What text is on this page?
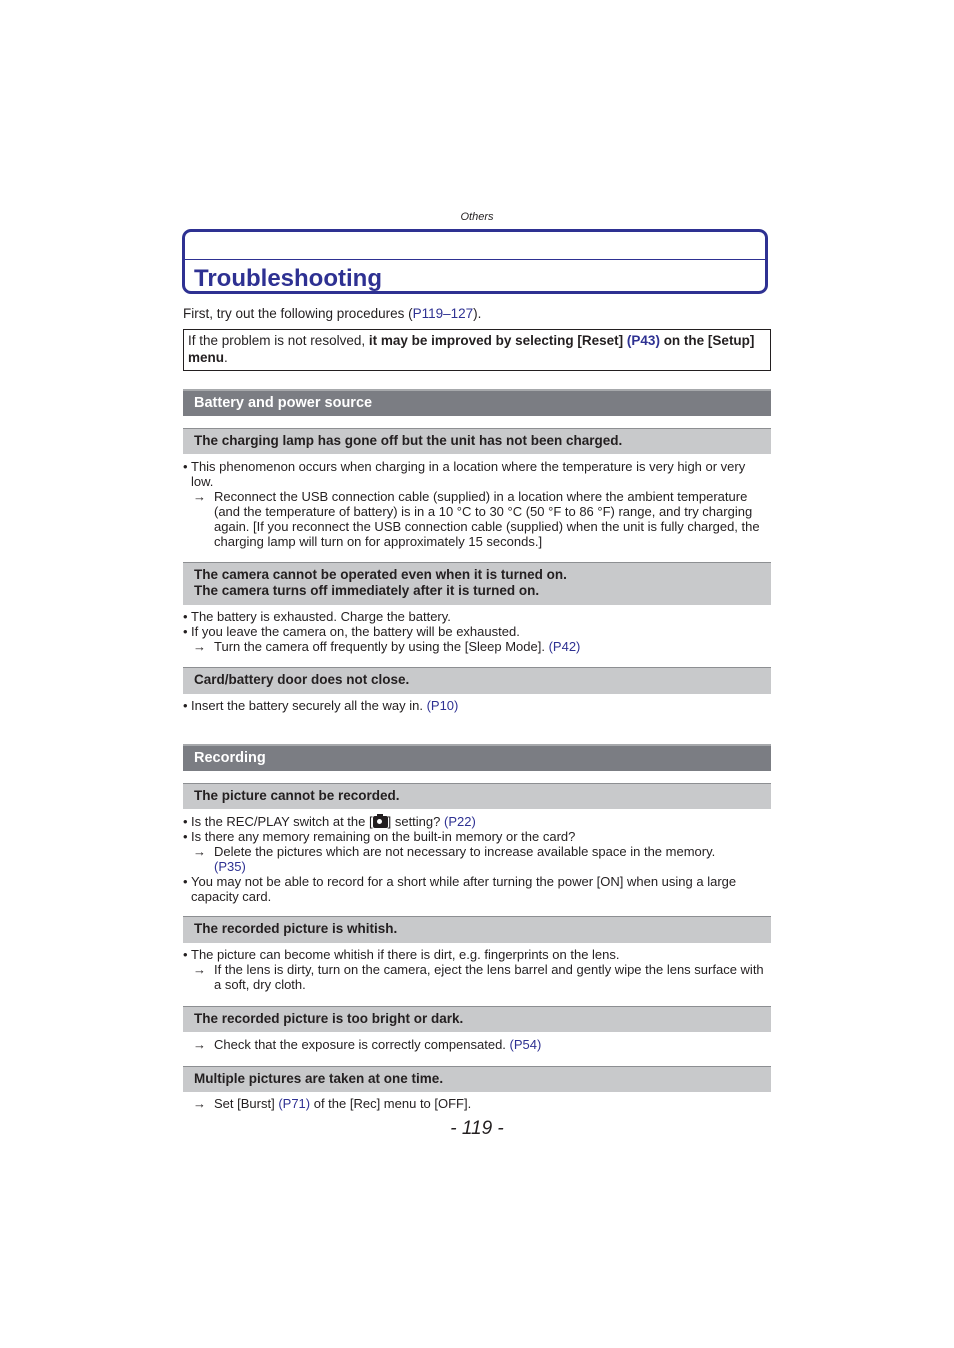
Others
Troubleshooting
First, try out the following procedures (P119–127).
If the problem is not resolved, it may be improved by selecting [Reset] (P43) on the [Setup] menu.
Battery and power source
The charging lamp has gone off but the unit has not been charged.
• This phenomenon occurs when charging in a location where the temperature is very high or very low.
→ Reconnect the USB connection cable (supplied) in a location where the ambient temperature (and the temperature of battery) is in a 10 °C to 30 °C (50 °F to 86 °F) range, and try charging again. [If you reconnect the USB connection cable (supplied) when the unit is fully charged, the charging lamp will turn on for approximately 15 seconds.]
The camera cannot be operated even when it is turned on.
The camera turns off immediately after it is turned on.
• The battery is exhausted. Charge the battery.
• If you leave the camera on, the battery will be exhausted.
→ Turn the camera off frequently by using the [Sleep Mode]. (P42)
Card/battery door does not close.
• Insert the battery securely all the way in. (P10)
Recording
The picture cannot be recorded.
• Is the REC/PLAY switch at the [ ] setting? (P22)
• Is there any memory remaining on the built-in memory or the card?
→ Delete the pictures which are not necessary to increase available space in the memory.
(P35)
• You may not be able to record for a short while after turning the power [ON] when using a large capacity card.
The recorded picture is whitish.
• The picture can become whitish if there is dirt, e.g. fingerprints on the lens.
→ If the lens is dirty, turn on the camera, eject the lens barrel and gently wipe the lens surface with a soft, dry cloth.
The recorded picture is too bright or dark.
→ Check that the exposure is correctly compensated. (P54)
Multiple pictures are taken at one time.
→ Set [Burst] (P71) of the [Rec] menu to [OFF].
- 119 -
